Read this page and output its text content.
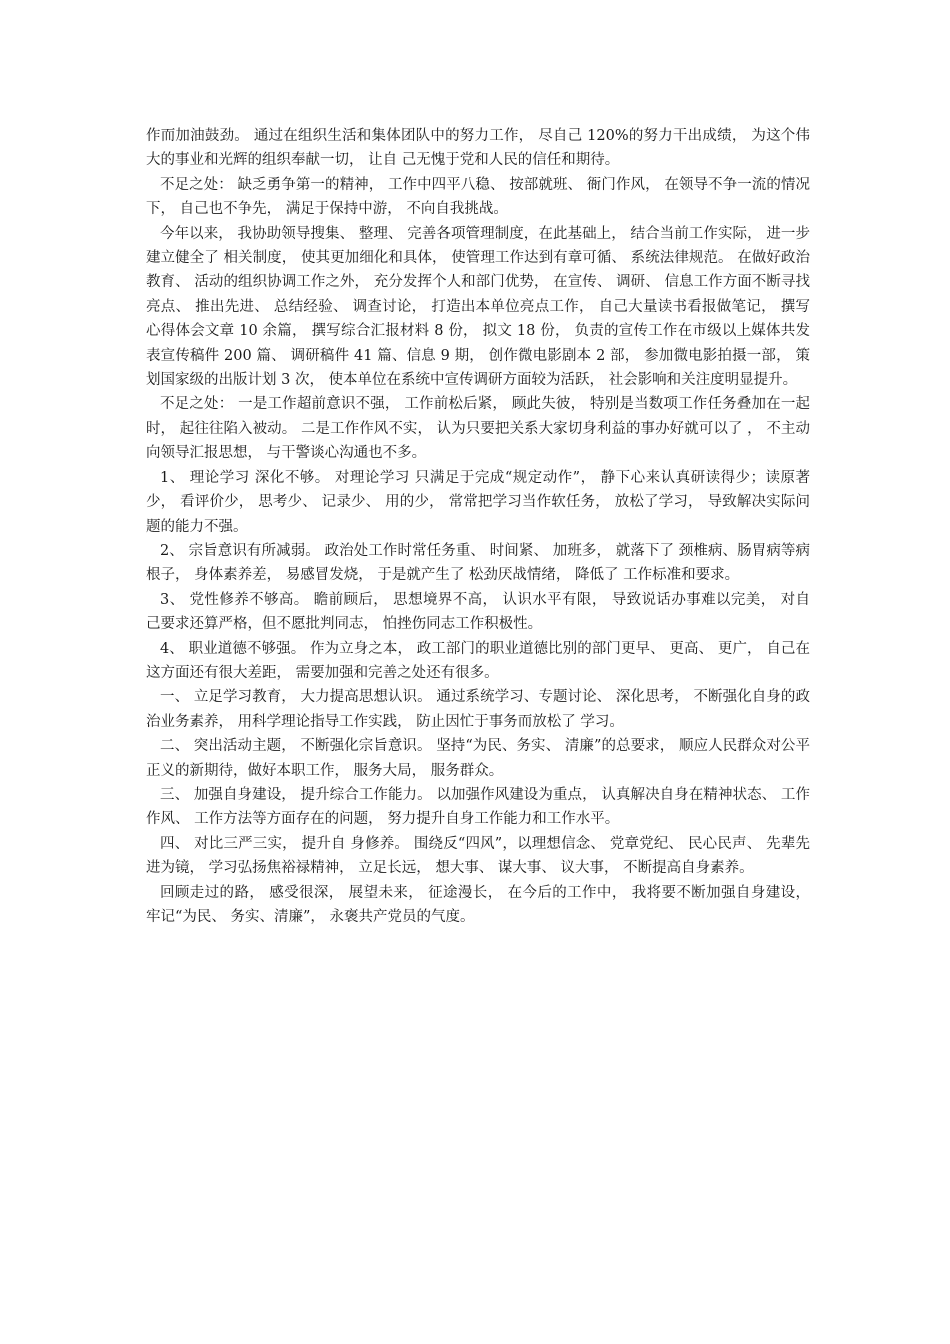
作而加油鼓劲。 通过在组织生活和集体团队中的努力工作， 尽自己 120%的努力干出成绩， 为这个伟大的事业和光辉的组织奉献一切， 让自 己无愧于党和人民的信任和期待。

不足之处： 缺乏勇争第一的精神， 工作中四平八稳、 按部就班、 衙门作风， 在领导不争一流的情况下， 自己也不争先， 满足于保持中游， 不向自我挑战。

今年以来， 我协助领导搜集、 整理、 完善各项管理制度，在此基础上， 结合当前工作实际， 进一步建立健全了 相关制度， 使其更加细化和具体， 使管理工作达到有章可循、 系统法律规范。 在做好政治教育、 活动的组织协调工作之外， 充分发挥个人和部门优势， 在宣传、 调研、 信息工作方面不断寻找亮点、 推出先进、 总结经验、 调查讨论， 打造出本单位亮点工作， 自己大量读书看报做笔记， 撰写心得体会文章 10 余篇， 撰写综合汇报材料 8 份， 拟文 18 份， 负责的宣传工作在市级以上媒体共发表宣传稿件 200 篇、 调研稿件 41 篇、信息 9 期， 创作微电影剧本 2 部， 参加微电影拍摄一部， 策划国家级的出版计划 3 次， 使本单位在系统中宣传调研方面较为活跃， 社会影响和关注度明显提升。

不足之处： 一是工作超前意识不强， 工作前松后紧， 顾此失彼， 特别是当数项工作任务叠加在一起时， 起往往陷入被动。 二是工作作风不实， 认为只要把关系大家切身利益的事办好就可以了 ， 不主动向领导汇报思想， 与干警谈心沟通也不多。

1、 理论学习 深化不够。 对理论学习 只满足于完成“规定动作”， 静下心来认真研读得少；读原著少， 看评价少， 思考少、 记录少、 用的少， 常常把学习当作软任务， 放松了学习， 导致解决实际问题的能力不强。

2、 宗旨意识有所减弱。 政治处工作时常任务重、 时间紧、 加班多， 就落下了 颈椎病、肠胃病等病根子， 身体素养差， 易感冒发烧， 于是就产生了 松劲厌战情绪， 降低了 工作标准和要求。

3、 党性修养不够高。 瞻前顾后， 思想境界不高， 认识水平有限， 导致说话办事难以完美， 对自 己要求还算严格，但不愿批判同志， 怕挫伤同志工作积极性。

4、 职业道德不够强。 作为立身之本， 政工部门的职业道德比别的部门更早、 更高、 更广， 自己在这方面还有很大差距， 需要加强和完善之处还有很多。

一、 立足学习教育， 大力提高思想认识。 通过系统学习、专题讨论、 深化思考， 不断强化自身的政治业务素养， 用科学理论指导工作实践， 防止因忙于事务而放松了 学习。

二、 突出活动主题， 不断强化宗旨意识。 坚持“为民、务实、 清廉”的总要求， 顺应人民群众对公平正义的新期待，做好本职工作， 服务大局， 服务群众。

三、 加强自身建设， 提升综合工作能力。 以加强作风建设为重点， 认真解决自身在精神状态、 工作作风、 工作方法等方面存在的问题， 努力提升自身工作能力和工作水平。

四、 对比三严三实， 提升自 身修养。 围绕反“四风”，以理想信念、 党章党纪、 民心民声、 先辈先进为镜， 学习弘扬焦裕禄精神， 立足长远， 想大事、 谋大事、 议大事， 不断提高自身素养。

回顾走过的路， 感受很深， 展望未来， 征途漫长， 在今后的工作中， 我将要不断加强自身建设， 牢记“为民、 务实、清廉”， 永褒共产党员的气度。
